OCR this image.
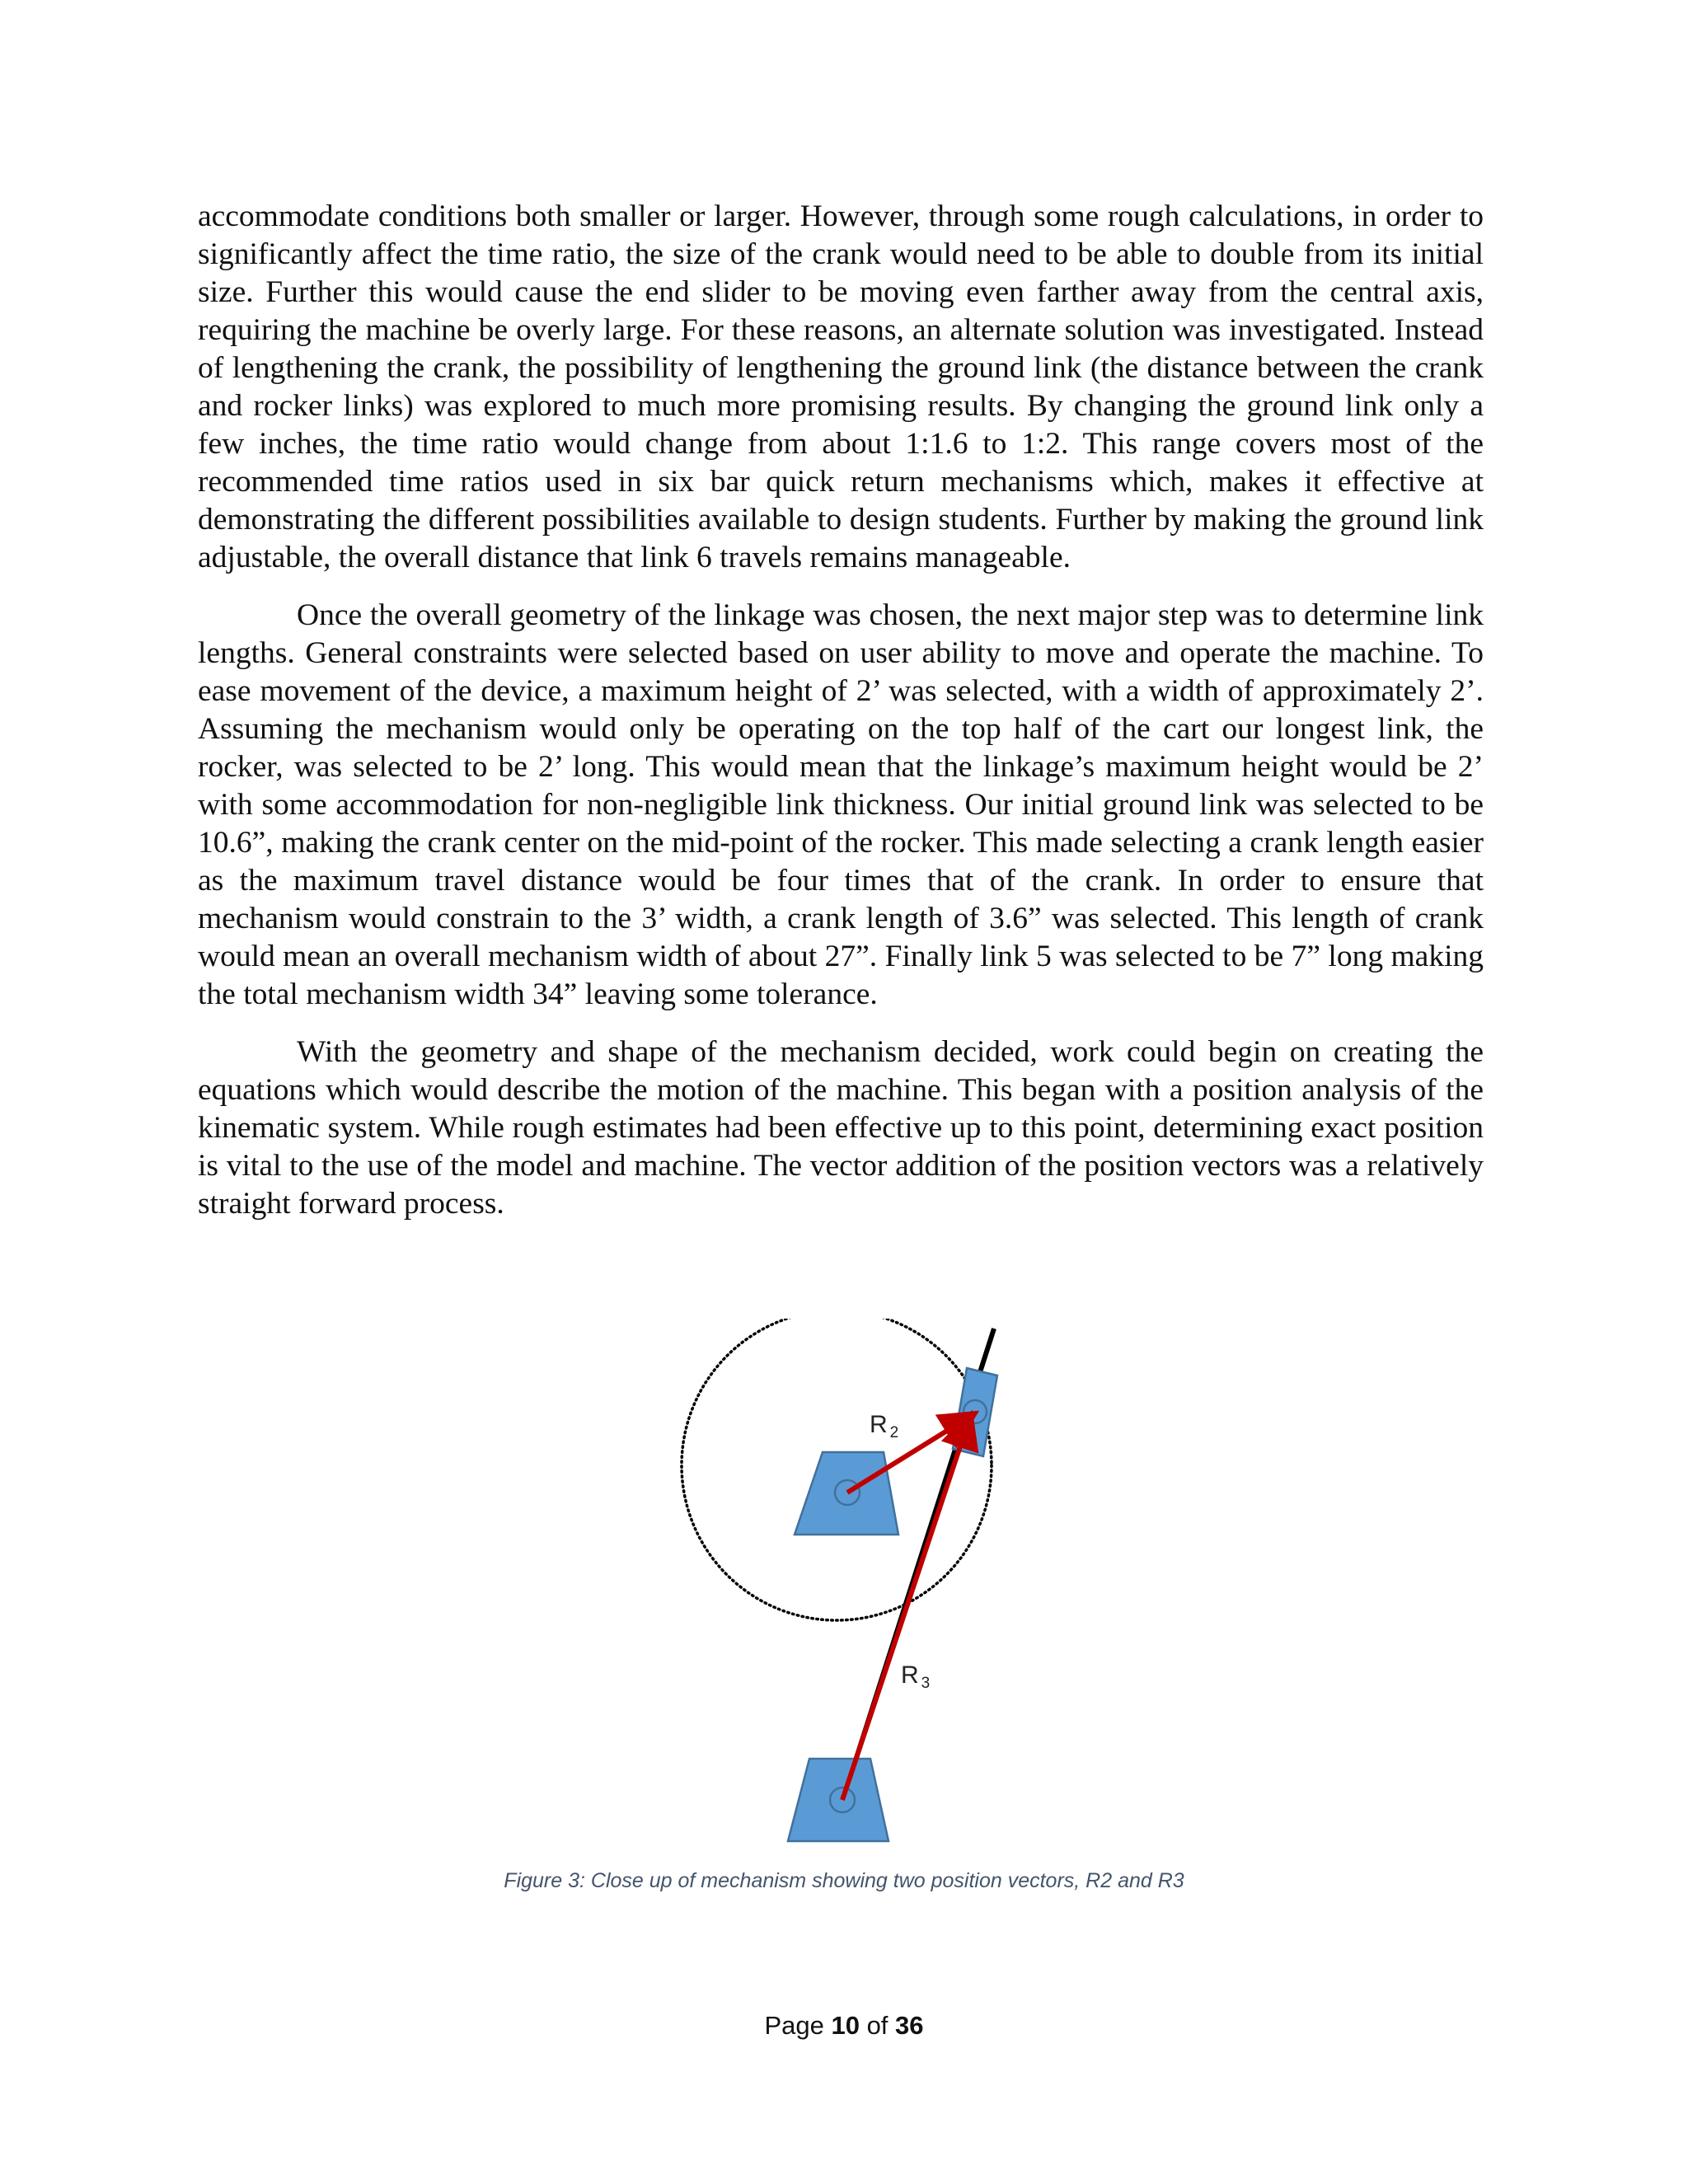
accommodate conditions both smaller or larger. However, through some rough calculations, in order to significantly affect the time ratio, the size of the crank would need to be able to double from its initial size. Further this would cause the end slider to be moving even farther away from the central axis, requiring the machine be overly large. For these reasons, an alternate solution was investigated. Instead of lengthening the crank, the possibility of lengthening the ground link (the distance between the crank and rocker links) was explored to much more promising results. By changing the ground link only a few inches, the time ratio would change from about 1:1.6 to 1:2. This range covers most of the recommended time ratios used in six bar quick return mechanisms which, makes it effective at demonstrating the different possibilities available to design students. Further by making the ground link adjustable, the overall distance that link 6 travels remains manageable.

Once the overall geometry of the linkage was chosen, the next major step was to determine link lengths. General constraints were selected based on user ability to move and operate the machine. To ease movement of the device, a maximum height of 2’ was selected, with a width of approximately 2’. Assuming the mechanism would only be operating on the top half of the cart our longest link, the rocker, was selected to be 2’ long. This would mean that the linkage’s maximum height would be 2’ with some accommodation for non-negligible link thickness. Our initial ground link was selected to be 10.6”, making the crank center on the mid-point of the rocker. This made selecting a crank length easier as the maximum travel distance would be four times that of the crank. In order to ensure that mechanism would constrain to the 3’ width, a crank length of 3.6” was selected. This length of crank would mean an overall mechanism width of about 27”. Finally link 5 was selected to be 7” long making the total mechanism width 34” leaving some tolerance.

With the geometry and shape of the mechanism decided, work could begin on creating the equations which would describe the motion of the machine. This began with a position analysis of the kinematic system. While rough estimates had been effective up to this point, determining exact position is vital to the use of the model and machine. The vector addition of the position vectors was a relatively straight forward process.

R $_2$
R $_3$
Figure 3: Close up of mechanism showing two position vectors, R2 and R3
Page 10 of 36
